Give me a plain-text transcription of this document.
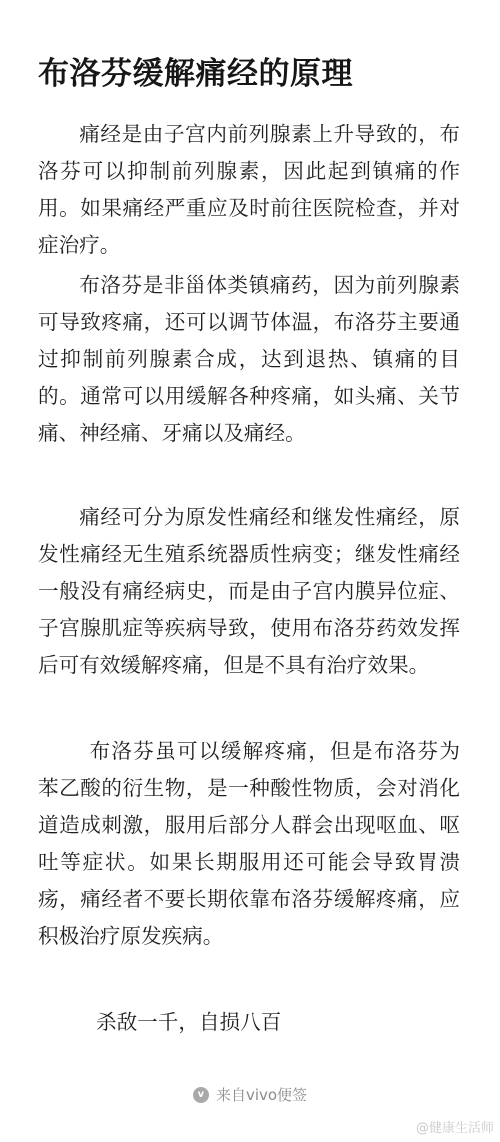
布洛芬缓解痛经的原理

痛经是由子宫内前列腺素上升导致的，布洛芬可以抑制前列腺素，因此起到镇痛的作用。如果痛经严重应及时前往医院检查，并对症治疗。

布洛芬是非甾体类镇痛药，因为前列腺素可导致疼痛，还可以调节体温，布洛芬主要通过抑制前列腺素合成，达到退热、镇痛的目的。通常可以用缓解各种疼痛，如头痛、关节痛、神经痛、牙痛以及痛经。

痛经可分为原发性痛经和继发性痛经，原发性痛经无生殖系统器质性病变；继发性痛经一般没有痛经病史，而是由子宫内膜异位症、子宫腺肌症等疾病导致，使用布洛芬药效发挥后可有效缓解疼痛，但是不具有治疗效果。

布洛芬虽可以缓解疼痛，但是布洛芬为苯乙酸的衍生物，是一种酸性物质，会对消化道造成刺激，服用后部分人群会出现呕血、呕吐等症状。如果长期服用还可能会导致胃溃疡，痛经者不要长期依靠布洛芬缓解疼痛，应积极治疗原发疾病。

杀敌一千，自损八百
v 来自vivo便签
@健康生活师
